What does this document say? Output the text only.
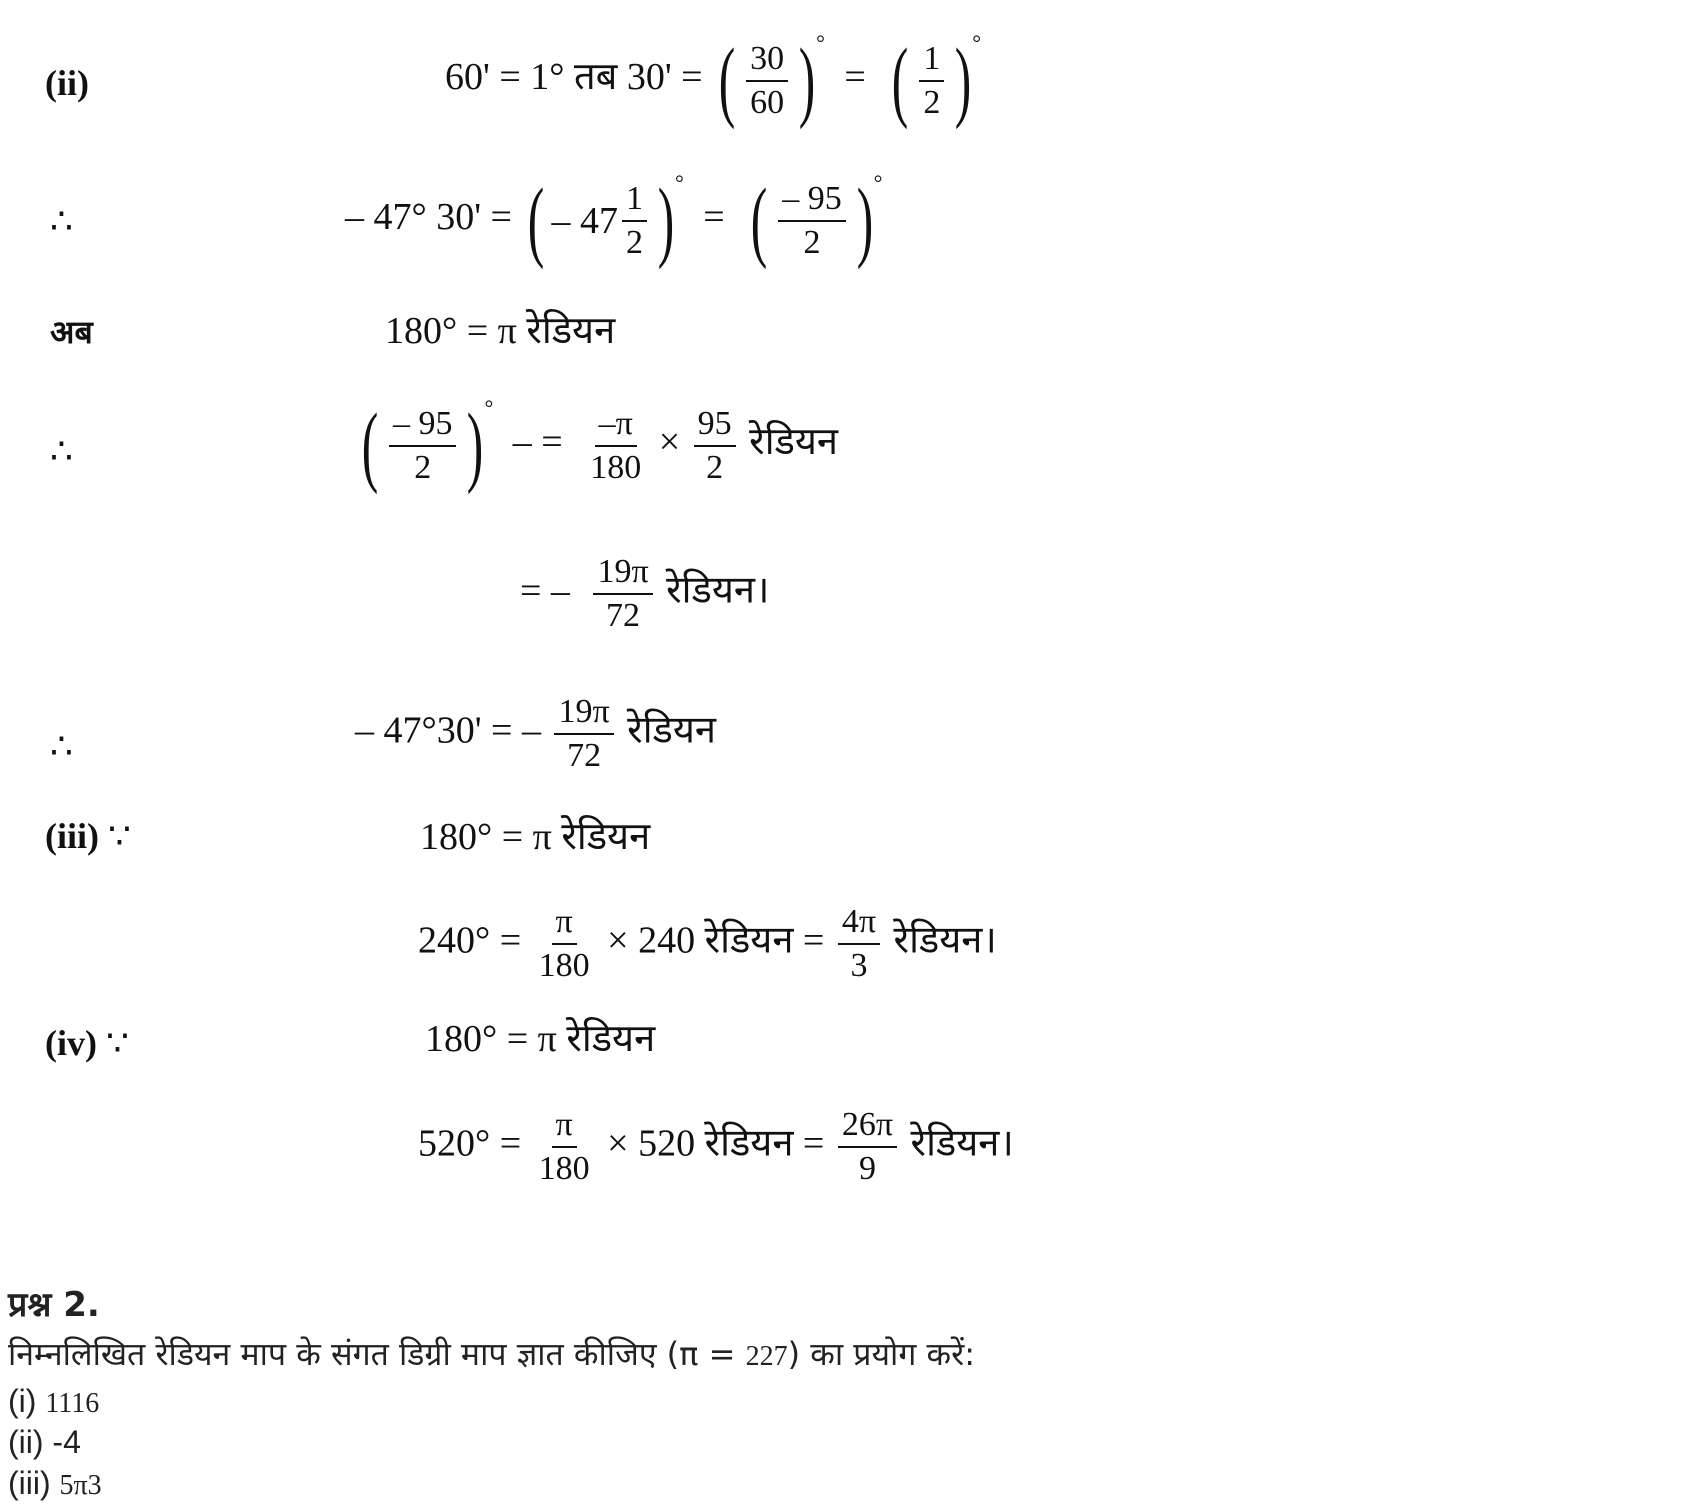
(ii)	60' = 1° तब 30' = ( $\frac{30}{60} )^\circ$ = ( $\frac{1}{2} )^\circ$
∴	– 47° 30' = ( – $47 \frac{1}{2} )^\circ$ = ( $\frac{- 95}{2} )^\circ$
अब	180° = π रेडियन
∴	( $\frac{- 95}{2} )^\circ$ – = $\frac{-\pi}{180} \times \frac{95}{2}$ रेडियन
= – $\frac{19\pi}{72}$ रेडियन।
∴	– 47°30' = – $\frac{19\pi}{72}$ रेडियन
(iii) ∵	180° = π रेडियन
$240^\circ = \frac{\pi}{180} \times 240$ रेडियन = $\frac{4\pi}{3}$ रेडियन।
(iv) ∵	180° = π रेडियन
$520^\circ = \frac{\pi}{180} \times 520$ रेडियन = $\frac{26\pi}{9}$ रेडियन।
प्रश्न 2.
निम्नलिखित रेडियन माप के संगत डिग्री माप ज्ञात कीजिए (π = 227) का प्रयोग करें:
(i) 1116
(ii) -4
(iii) 5π3
